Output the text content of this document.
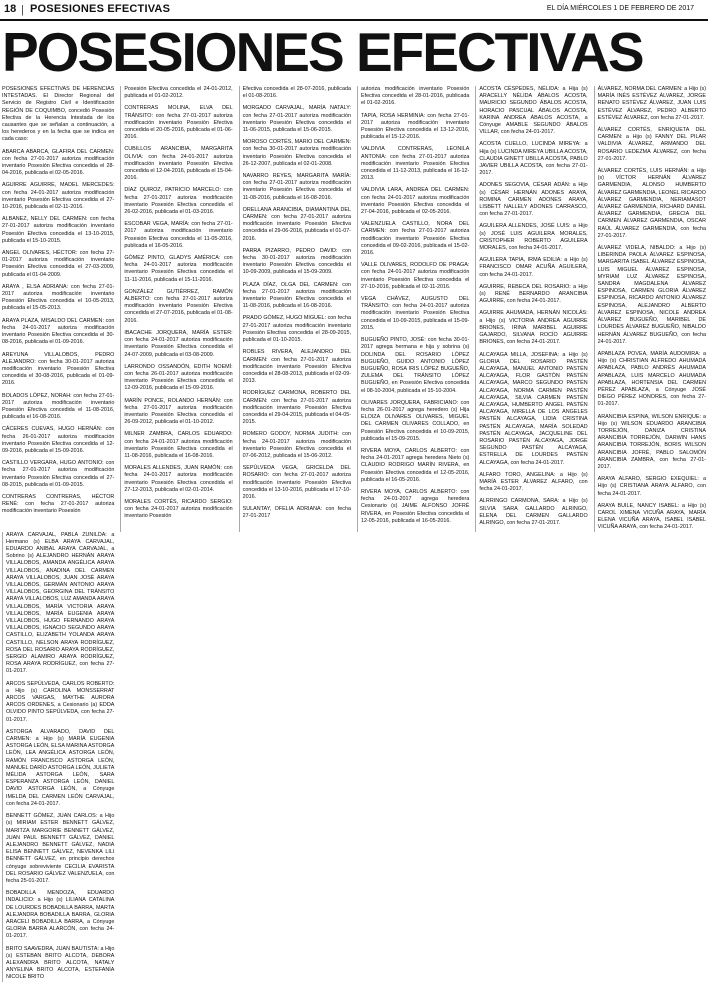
18 | POSESIONES EFECTIVAS	EL DÍA MIÉRCOLES 1 DE FEBRERO DE 2017
POSESIONES EFECTIVAS

POSESIONES EFECTIVAS DE HERENCIAS INTESTADAS. El Director Regional del Servicio de Registro Civil e Identificación REGIÓN DE COQUIMBO, concedió Posesión Efectiva de la Herencia Intestada de los causantes que se señalan a continuación, a los herederos y en la fecha que se indica en cada caso:

ABARCA ABARCA, GLAFIRA DEL CARMEN: con fecha 27-01-2017 autoriza modificación inventario Posesión Efectiva concedida el 28-04-2016, publicada el 02-05-2016.

AGUIRRE AGUIRRE, MADEL MERCEDES: con fecha 24-01-2017 autoriza modificación inventario Posesión Efectiva concedida el 27-10-2016, publicada el 02-11-2016.

ALBANEZ, NELLY DEL CARMEN: con fecha 27-01-2017 autoriza modificación inventario Posesión Efectiva concedida el 13-10-2015, publicada el 15-10-2015.

ANGEL OLIVARES, HÉCTOR: con fecha 27-01-2017 autoriza modificación inventario Posesión Efectiva concedida el 27-03-2009, publicada el 01-04-2009.

ARAYA , ELSA ADRIANA: con fecha 27-01-2017 autoriza modificación inventario Posesión Efectiva concedida el 10-05-2013, publicada el 15-05-2013.

ARAYA PLAZA, MISALDO DEL CARMEN: con fecha 24-01-2017 autoriza modificación inventario Posesión Efectiva concedida el 30-08-2016, publicada el 01-09-2016.

AREYUNA VILLALOBOS, PEDRO ALEJANDRO: con fecha 30-01-2017 autoriza modificación inventario Posesión Efectiva concedida el 30-08-2016, publicada el 01-09-2016.

BOLADOS LÓPEZ, NORAH: con fecha 27-01-2017 autoriza modificación inventario Posesión Efectiva concedida el 11-08-2016, publicada el 16-08-2016.

CÁCERES CUEVAS, HUGO HERNÁN: con fecha 26-01-2017 autoriza modificación inventario Posesión Efectiva concedida el 12-09-2016, publicada el 15-09-2016.

CASTILLO VERGARA, HUGO ANTONIO: con fecha 27-01-2017 autoriza modificación inventario Posesión Efectiva concedida el 27-08-2015, publicada el 01-09-2015.

CONTRERAS CONTRERAS, HÉCTOR RENÉ: con fecha 27-01-2017 autoriza modificación inventario Posesión

Posesión Efectiva concedida el 24-01-2012, publicada el 01-02-2012.

CONTRERAS MOLINA, ELVA DEL TRÁNSITO: con fecha 27-01-2017 autoriza modificación inventario Posesión Efectiva concedida el 20-05-2016, publicada el 01-06-2016.

CUBILLOS ARANCIBIA, MARGARITA OLIVIA: con fecha 24-01-2017 autoriza modificación inventario Posesión Efectiva concedida el 12-04-2016, publicada el 15-04-2016.

DÍAZ QUIROZ, PATRICIO MARCELO: con fecha 27-01-2017 autoriza modificación inventario Posesión Efectiva concedida el 26-02-2016, publicada el 01-03-2016.

ESCOBAR VEGA, MARÍA: con fecha 27-01-2017 autoriza modificación inventario Posesión Efectiva concedida el 11-05-2016, publicada el 16-05-2016.

GÓMEZ PINTO, GLADYS AMÉRICA: con fecha 24-01-2017 autoriza modificación inventario Posesión Efectiva concedida el 11-11-2016, publicada el 15-11-2016.

GONZÁLEZ GUTIÉRREZ, RAMÓN ALBERTO: con fecha 27-01-2017 autoriza modificación inventario Posesión Efectiva concedida el 27-07-2016, publicada el 01-08-2016.

IBACACHE JORQUERA, MARÍA ESTER: con fecha 24-01-2017 autoriza modificación inventario Posesión Efectiva concedida el 24-07-2009, publicada el 03-08-2009.

LARRONDO OSSANDÓN, EDITH NOEMÍ: con fecha 26-01-2017 autoriza modificación inventario Posesión Efectiva concedida el 12-09-2016, publicada el 15-09-2016.

MARÍN PONCE, ROLANDO HERNÁN: con fecha 27-01-2017 autoriza modificación inventario Posesión Efectiva concedida el 26-09-2012, publicada el 01-10-2012.

MILNER ZAMBRA, CARLOS EDUARDO: con fecha 24-01-2017 autoriza modificación inventario Posesión Efectiva concedida el 11-08-2016, publicada el 16-08-2016.

MORALES ALLENDES, JUAN RAMÓN: con fecha 24-01-2017 autoriza modificación inventario Posesión Efectiva concedida el 27-12-2013, publicada el 02-01-2014.

MORALES CORTÉS, RICARDO SERGIO: con fecha 24-01-2017 autoriza modificación inventario Posesión

Efectiva concedida el 28-07-2016, publicada el 01-08-2016.

MORGADO CARVAJAL, MARÍA NATALY: con fecha 27-01-2017 autoriza modificación inventario Posesión Efectiva concedida el 11-06-2015, publicada el 15-06-2015.

MOROSO CORTÉS, MARIO DEL CARMEN: con fecha 30-01-2017 autoriza modificación inventario Posesión Efectiva concedida el 26-12-2007, publicada el 02-01-2008.

NAVARRO REYES, MARGARITA MARÍA: con fecha 27-01-2017 autoriza modificación inventario Posesión Efectiva concedida el 11-08-2016, publicada el 16-08-2016.

ORELLANA ARANCIBIA, DIAMANTINA DEL CARMEN: con fecha 27-01-2017 autoriza modificación inventario Posesión Efectiva concedida el 29-06-2016, publicada el 01-07-2016.

PARRA PIZARRO, PEDRO DAVID: con fecha 30-01-2017 autoriza modificación inventario Posesión Efectiva concedida el 10-09-2009, publicada el 15-09-2009.

PLAZA DÍAZ, OLGA DEL CARMEN: con fecha 27-01-2017 autoriza modificación inventario Posesión Efectiva concedida el 11-08-2016, publicada el 16-08-2016.

PRADO GÓMEZ, HUGO MIGUEL: con fecha 27-01-2017 autoriza modificación inventario Posesión Efectiva concedida el 28-09-2015, publicada el 01-10-2015.

ROBLES RIVERA, ALEJANDRO DEL CARMEN: con fecha 27-01-2017 autoriza modificación inventario Posesión Efectiva concedida el 28-08-2013, publicada el 02-09-2013.

RODRÍGUEZ CARMONA, ROBERTO DEL CARMEN: con fecha 27-01-2017 autoriza modificación inventario Posesión Efectiva concedida el 29-04-2015, publicada el 04-05-2015.

ROMERO GODOY, NORMA JUDITH: con fecha 24-01-2017 autoriza modificación inventario Posesión Efectiva concedida el 07-06-2012, publicada el 15-06-2012.

SEPÚLVEDA VEGA, GRICELDA DEL ROSARIO: con fecha 27-01-2017 autoriza modificación inventario Posesión Efectiva concedida el 13-10-2016, publicada el 17-10-2016.

SULANTAY, OFELIA ADRIANA: con fecha 27-01-2017

autoriza modificación inventario Posesión Efectiva concedida el 28-01-2016, publicada el 01-02-2016.

TAPIA, ROSA HERMINIA: con fecha 27-01-2017 autoriza modificación inventario Posesión Efectiva concedida el 13-12-2016, publicada el 15-12-2016.

VALDIVIA CONTRERAS, LEONILA ANTONIA: con fecha 27-01-2017 autoriza modificación inventario Posesión Efectiva concedida el 11-12-2013, publicada el 16-12-2013.

VALDIVIA LARA, ANDREA DEL CARMEN: con fecha 24-01-2017 autoriza modificación inventario Posesión Efectiva concedida el 27-04-2016, publicada el 02-05-2016.

VALENZUELA CASTILLO, NORA DEL CARMEN: con fecha 27-01-2017 autoriza modificación inventario Posesión Efectiva concedida el 09-02-2016, publicada el 15-02-2016.

VALLE OLIVARES, RODOLFO DE PRAGA: con fecha 24-01-2017 autoriza modificación inventario Posesión Efectiva concedida el 27-10-2016, publicada el 02-11-2016.

VEGA CHÁVEZ, AUGUSTO DEL TRÁNSITO: con fecha 24-01-2017 autoriza modificación inventario Posesión Efectiva concedida el 10-09-2015, publicada el 15-09-2015.

BUGUEÑO PINTO, JOSÉ: con fecha 30-01-2017 agrega hermana e hija y sobrina (s) DOLINDA DEL ROSARIO LÓPEZ BUGUEÑO, GUIDO ANTONIO LÓPEZ BUGUEÑO, ROSA IRIS LÓPEZ BUGUEÑO, ZULEMA DEL TRÁNSITO LÓPEZ BUGUEÑO, en Posesión Efectiva concedida el 08-10-2004, publicada el 15-10-2004.

OLIVARES JORQUERA, FABRICIANO: con fecha 26-01-2017 agrega heredero (s) Hija ELOIZA OLIVARES OLIVARES, MIGUEL DEL CARMEN OLIVARES COLLADO, en Posesión Efectiva concedida el 10-09-2015, publicada el 15-09-2015.

RIVERA MOYA, CARLOS ALBERTO: con fecha 24-01-2017 agrega heredera Nieto (s) CLAUDIO RODRIGO MARÍN RIVERA, en Posesión Efectiva concedida el 12-05-2016, publicada el 16-05-2016.

RIVERA MOYA, CARLOS ALBERTO: con fecha 24-01-2017 agrega heredera Cesionario (s) JAIME ALFONSO JOFRÉ RIVERA, en Posesión Efectiva concedida el 12-05-2016, publicada el 16-05-2016.

ACOSTA CÉSPEDES, NÉLIDA: a Hija (s) ARACELLY NÉLIDA ÁBALOS ACOSTA, MAURICIO SEGUNDO ÁBALOS ACOSTA, HORACIO PASCUAL ÁBALOS ACOSTA, KARINA ANDREA ÁBALOS ACOSTA, a Cónyuge AMABLE SEGUNDO ÁBALOS VILLAR, con fecha 24-01-2017.

ACOSTA CUELLO, LUCINDA MIREYA: a Hija (s) LUCINDA MIREYA UBILLA ACOSTA, CLAUDIA GINETT UBILLA ACOSTA, PABLO JAVIER UBILLA ACOSTA, con fecha 27-01-2017.

ADONES SEGOVIA, CÉSAR ADÁN: a Hijo (s) CÉSAR HERNÁN ADONES ARAYA, ROMINA CARMEN ADONES ARAYA, LISBETT NALLELY ADONES CARRASCO, con fecha 27-01-2017.

AGUILERA ALLENDES, JOSÉ LUIS: a Hijo (s) JOSÉ LUIS AGUILERA MORALES, CRISTOPHER ROBERTO AGUILERA MORALES, con fecha 24-01-2017.

AGUILERA TAPIA, IRMA EDILIA: a Hijo (s) FRANCISCO OMAR ACUÑA AGUILERA, con fecha 24-01-2017.

AGUIRRE, REBECA DEL ROSARIO: a Hijo (s) RENÉ BERNARDO ARANCIBIA AGUIRRE, con fecha 24-01-2017.

AGUIRRE AHUMADA, HERNÁN NICOLÁS: a Hijo (s) VICTORIA ANDREA AGUIRRE BRIONES, IRINA MARIBEL AGUIRRE GAJARDO, SILVANA ROCÍO AGUIRRE BRIONES, con fecha 24-01-2017.

ALCAYAGA MILLA, JOSEFINA: a Hijo (s) GLORIA DEL ROSARIO PASTÉN ALCAYAGA, MANUEL ANTONIO PASTÉN ALCAYAGA, FLOR GASTÓN PASTÉN ALCAYAGA, MARCO SEGUNDO PASTÉN ALCAYAGA, NORMA CARMEN PASTÉN ALCAYAGA, SILVIA CARMEN PASTÉN ALCAYAGA, HUMBERTO ANGEL PASTÉN ALCAYAGA, MIRELLA DE LOS ANGELES PASTÉN ALCAYAGA, LIDIA CRISTINA PASTÉN ALCAYAGA, MARÍA SOLEDAD PASTÉN ALCAYAGA, JACQUELINE DEL ROSARIO PASTÉN ALCAYAGA, JORGE SEGUNDO PASTÉN ALCAYAGA, ESTRELLA DE LOURDES PASTÉN ALCAYAGA, con fecha 24-01-2017.

ALFARO TORO, ANGELINA: a Hijo (s) MARÍA ESTER ÁLVAREZ ALFARO, con fecha 24-01-2017.

ALRRINGO CARMONA, SARA: a Hijo (s) SILVIA SARA GALLARDO ALRINGO, ELENA DEL CARMEN GALLARDO ALRINGO, con fecha 27-01-2017.

ÁLVAREZ, NORMA DEL CARMEN: a Hijo (s) MARÍA INÉS ESTÉVEZ ÁLVAREZ, JORGE RENATO ESTÉVEZ ÁLVAREZ, JUAN LUIS ESTÉVEZ ÁLVAREZ, PEDRO ALBERTO ESTÉVEZ ÁLVAREZ, con fecha 27-01-2017.

ÁLVAREZ CORTÉS, ENRIQUETA DEL CARMEN: a Hijo (s) FANNY DEL PILAR VALDIVIA ÁLVAREZ, ARMANDO DEL ROSARIO LEDEZMA ÁLVAREZ, con fecha 27-01-2017.

ÁLVAREZ CORTÉS, LUIS HERNÁN: a Hijo (s) VÍCTOR HERNÁN ÁLVAREZ GARMENDIA, ALONSO HUMBERTO ÁLVAREZ GARMENDIA, LEONEL RICARDO ÁLVAREZ GARMENDIA, NERIAMASOT ÁLVAREZ GARMENDIA, RICHARD DANIEL ÁLVAREZ GARMENDIA, GRECIA DEL CARMEN ÁLVAREZ GARMENDIA, OSCAR RAÚL ÁLVAREZ GARMENDIA, con fecha 27-01-2017.

ÁLVAREZ VIDELA, NIBALDO: a Hijo (s) LIBERINDA PAOLA ÁLVAREZ ESPINOSA, MARGARITA ISABEL ÁLVAREZ ESPINOSA, LUIS MIGUEL ÁLVAREZ ESPINOSA, MYRIAM LUZ ÁLVAREZ ESPINOSA, SANDRA MAGDALENA ÁLVAREZ ESPINOSA, CARMEN GLORIA ÁLVAREZ ESPINOSA, RICARDO ANTONIO ÁLVAREZ ESPINOSA, ALEJANDRO ALBERTO ÁLVAREZ ESPINOSA, NICOLE ANDREA ÁLVAREZ BUGUEÑO, MARIBEL DE LOURDES ÁLVAREZ BUGUEÑO, NIBALDO HERNÁN ÁLVAREZ BUGUEÑO, con fecha 24-01-2017.

APABLAZA POVEA, MARÍA AUDOMIRA: a Hijo (s) CHRISTIAN ALFREDO AHUMADA APABLAZA, PABLO ANDRÉS AHUMADA APABLAZA, LUIS MARCELO AHUMADA APABLAZA, HORTENSIA DEL CARMEN PÉREZ APABLAZA, a Cónyuge JOSÉ DIEGO PÉREZ HONORES, con fecha 27-01-2017.

ARANCIBIA ESPINA, WILSON ENRIQUE: a Hijo (s) WILSON EDUARDO ARANCIBIA TORREJÓN, DANIZA CRISTINA ARANCIBIA TORREJÓN, DARWIN HANS ARANCIBIA TORREJÓN, BORIS WILSON ARANCIBIA JOFRÉ, PABLO SALOMÓN ARANCIBIA ZAMBRA, con fecha 27-01-2017.

ARAYA ALFARO, SERGIO EXEQUIEL: a Hijo (s) CRISTIANA ARAYA ALFARO, con fecha 24-01-2017.

ARAYA BUILE, NANCY ISABEL: a Hijo (s) CAROL XIMENA VICUÑA ARAYA, MARÍA ELENA VICUÑA ARAYA, ISABEL ISABEL VICUÑA ARAYA, con fecha 24-01-2017.

ARAYA CARVAJAL, PABLA ZUNILDA: a Hermano (s) ELBA ARAYA CARVAJAL, EDUARDO ANIBAL ARAYA CARVAJAL, a Sobrino (s) ALEJANDRO HERNÁN ARAYA VILLALOBOS, AMANDA ANGÉLICA ARAYA VILLALOBOS, ANADINA DEL CARMEN ARAYA VILLALOBOS, JUAN JOSÉ ARAYA VILLALOBOS, GERMÁN ANTONIO ARAYA VILLALOBOS, GEORGINA DEL TRÁNSITO ARAYA VILLALOBOS, LUZ AMANDA ARAYA VILLALOBOS, MARÍA VICTORIA ARAYA VILLALOBOS, MARÍA EUGENIA ARAYA VILLALOBOS, HUGO FERNANDO ARAYA VILLALOBOS, IGNACIO SEGUNDO ARAYA CASTILLO, ELIZABETH YOLANDA ARAYA CASTILLO, NELSON ARAYA RODRÍGUEZ, ROSA DEL ROSARIO ARAYA RODRÍGUEZ, SERGIO ALAMIRO ARAYA RODRÍGUEZ, ROSA ARAYA RODRÍGUEZ, con fecha 27-01-2017.

ARCOS SEPÚLVEDA, CARLOS ROBERTO: a Hijo (s) CAROLINA MONSSERRAT ARCOS VARGAS, MAYTHE AURORA ARCOS ORDENES, a Cesionario (a) EDDA OLVIDO PINTO SEPÚLVEDA, con fecha 27-01-2017.

ASTORGA ALVARADO, DAVID DEL CARMEN: a Hijo (s) MARÍA EUGENIA ASTORGA LEÓN, ELSA MARINA ASTORGA LEÓN, LEA ANGÉLICA ASTORGA LEÓN, RAMÓN FRANCISCO ASTORGA LEÓN, MANUEL DARÍO ASTORGA LEÓN, JULIETA MÉLIDA ASTORGA LEÓN, SARA ESPERANZA ASTORGA LEÓN, DANIEL DAVID ASTORGA LEÓN, a Cónyuge IMELDA DEL CARMEN LEÓN CARVAJAL, con fecha 24-01-2017.

BENNETT GÓMEZ, JUAN CARLOS: a Hijo (s) MIRIAM ESTER BENNETT GÁLVEZ, MARITZA MARGORIE BENNETT GÁLVEZ, JUAN PAUL BENNETT GÁLVEZ, DANIEL ALEJANDRO BENNETT GÁLVEZ, NADIA ELISA BENNETT GÁLVEZ, NEVENKA LILI BENNETT GÁLVEZ, en principio derechos cónyuge sobreviviente CECILIA EVARISTA DEL ROSARIO GÁLVEZ VALENZUELA, con fecha 25-01-2017.

BOBADILLA MENDOZA, EDUARDO INDALICIO: a Hijo (s) LILIANA CATALINA DE LOURDES BOBADILLA BARRA, MARTA ALEJANDRA BOBADILLA BARRA, GLORIA ARACELI BOBADILLA BARRA, a Cónyuge GLORIA BARRA ALARCÓN, con fecha 24-01-2017.

BRITO SAAVEDRA, JUAN BAUTISTA: a Hijo (s) ESTEBAN BRITO ALCOTA, DEBORA ALEXANDRA BRITO ALCOTA, NATALY ANYELINA BRITO ALCOTA, ESTEFANÍA NICOLE BRITO
